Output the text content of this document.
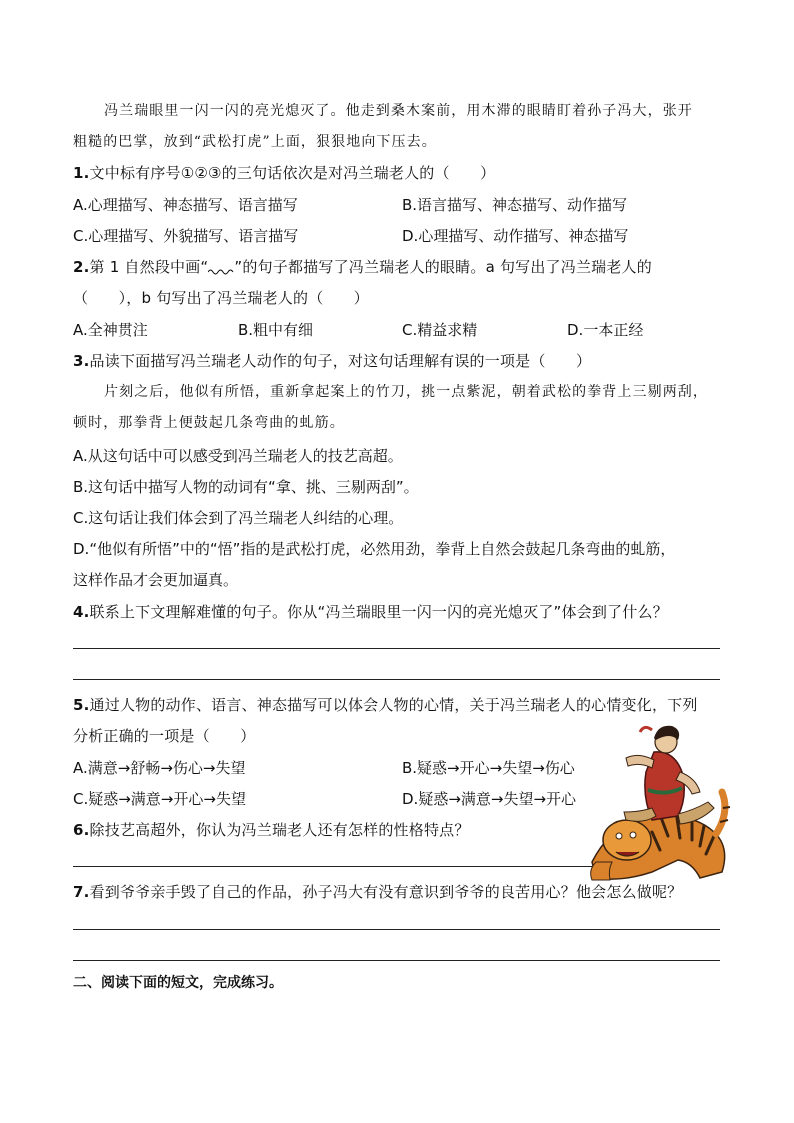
冯兰瑞眼里一闪一闪的亮光熄灭了。他走到桑木案前，用木滞的眼睛盯着孙子冯大，张开
粗糙的巴掌，放到“武松打虎”上面，狠狠地向下压去。
1.文中标有序号①②③的三句话依次是对冯兰瑞老人的（　　）
A.心理描写、神态描写、语言描写	B.语言描写、神态描写、动作描写
C.心理描写、外貌描写、语言描写	D.心理描写、动作描写、神态描写
2.第 1 自然段中画“ ”的句子都描写了冯兰瑞老人的眼睛。a 句写出了冯兰瑞老人的
（　　），b 句写出了冯兰瑞老人的（　　）
A.全神贯注	B.粗中有细	C.精益求精	D.一本正经
3.品读下面描写冯兰瑞老人动作的句子，对这句话理解有误的一项是（　　）
片刻之后，他似有所悟，重新拿起案上的竹刀，挑一点紫泥，朝着武松的拳背上三剔两刮，
顿时，那拳背上便鼓起几条弯曲的虬筋。
A.从这句话中可以感受到冯兰瑞老人的技艺高超。
B.这句话中描写人物的动词有“拿、挑、三剔两刮”。
C.这句话让我们体会到了冯兰瑞老人纠结的心理。
D.“他似有所悟”中的“悟”指的是武松打虎，必然用劲，拳背上自然会鼓起几条弯曲的虬筋，
这样作品才会更加逼真。
4.联系上下文理解难懂的句子。你从“冯兰瑞眼里一闪一闪的亮光熄灭了”体会到了什么？
5.通过人物的动作、语言、神态描写可以体会人物的心情，关于冯兰瑞老人的心情变化，下列
分析正确的一项是（　　）
A.满意→舒畅→伤心→失望	B.疑惑→开心→失望→伤心
C.疑惑→满意→开心→失望	D.疑惑→满意→失望→开心
6.除技艺高超外，你认为冯兰瑞老人还有怎样的性格特点？
7.看到爷爷亲手毁了自己的作品，孙子冯大有没有意识到爷爷的良苦用心？他会怎么做呢？
二、阅读下面的短文，完成练习。
